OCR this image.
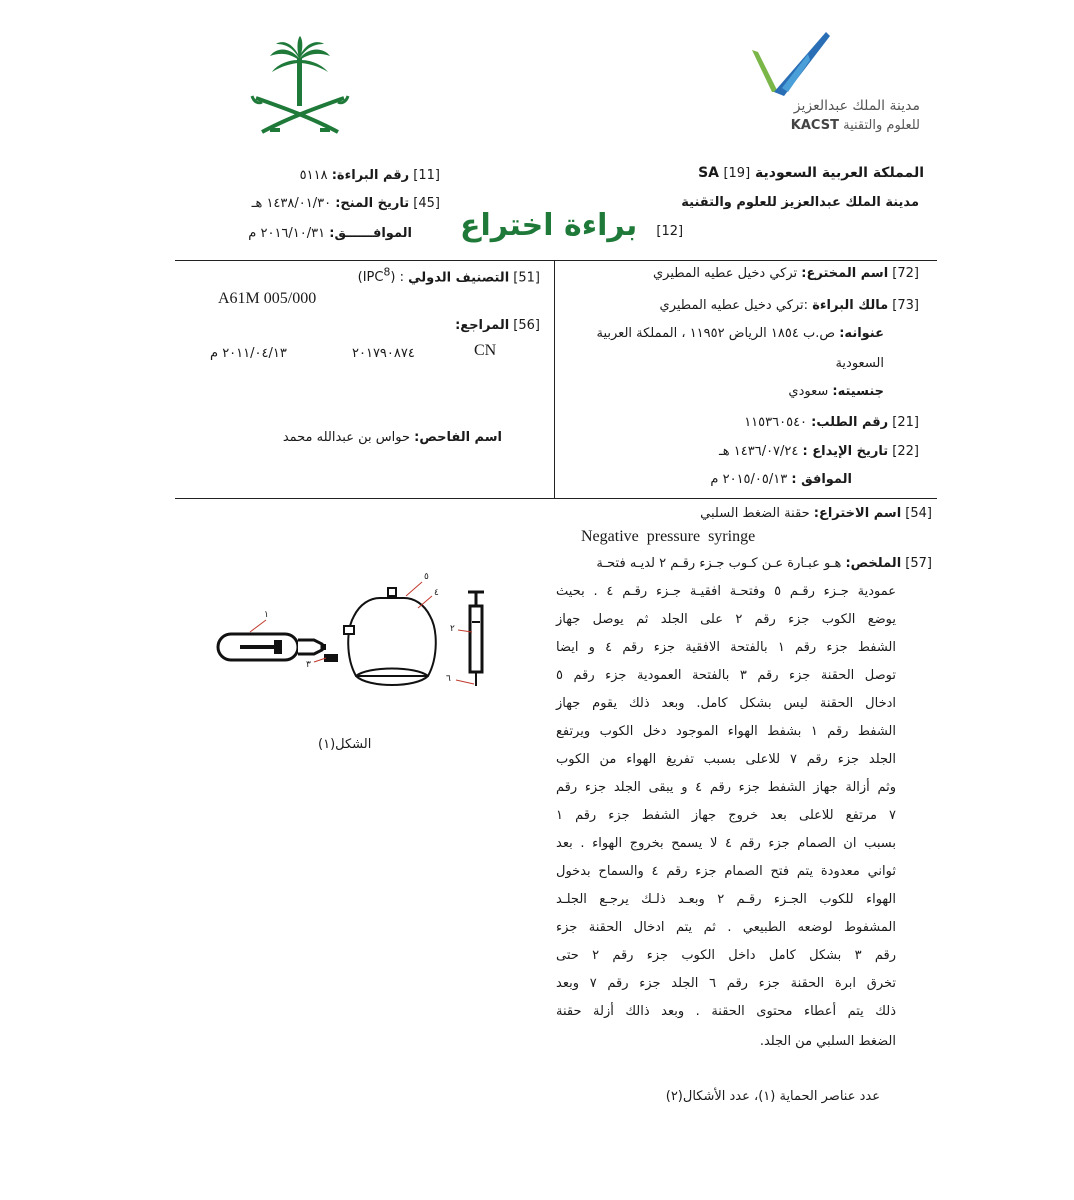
مدينة الملك عبدالعزيز
KACST للعلوم والتقنية
المملكة العربية السعودية SA [19]
مدينة الملك عبدالعزيز للعلوم والتقنية
[11] رقم البراءة: ٥١١٨
[45] تاريخ المنح: ١٤٣٨/٠١/٣٠ هـ
الموافــــــق: ٢٠١٦/١٠/٣١ م	[12] براءة اختراع
[72] اسم المخترع: تركي دخيل عطيه المطيري
[73] مالك البراءة :تركي دخيل عطيه المطيري
عنوانه: ص.ب ١٨٥٤ الرياض ١١٩٥٢ ، المملكة العربية
السعودية
جنسيته: سعودي
[21] رقم الطلب: ١١٥٣٦٠٥٤٠
[22] تاريخ الإيداع : ١٤٣٦/٠٧/٢٤ هـ
الموافق : ٢٠١٥/٠٥/١٣ م
[51] التصنيف الدولي (IPC$^8$) :
A61M 005/000
[56] المراجع:
CN
٢٠١٧٩٠٨٧٤
٢٠١١/٠٤/١٣ م
اسم الفاحص: حواس بن عبدالله محمد
[54] اسم الاختراع: حقنة الضغط السلبي
Negative  pressure  syringe
[57] الملخص: هـو عبـارة عـن كـوب جـزء رقـم ٢ لديـه فتحـة
عمودية جـزء رقـم ٥ وفتحـة افقيـة جـزء رقـم ٤ . بحيث
يوضع الكوب جزء رقم ٢ على الجلد ثم يوصل جهاز
الشفط جزء رقم ١ بالفتحة الافقية جزء رقم ٤ و ايضا
توصل الحقنة جزء رقم ٣ بالفتحة العمودية جزء رقم ٥
ادخال الحقنة ليس بشكل كامل. وبعد ذلك يقوم جهاز
الشفط رقم ١ بشفط الهواء الموجود دخل الكوب ويرتفع
الجلد جزء رقم ٧ للاعلى بسبب تفريغ الهواء من الكوب
وثم أزالة جهاز الشفط جزء رقم ٤ و يبقى الجلد جزء رقم
٧ مرتفع للاعلى بعد خروج جهاز الشفط جزء رقم ١
بسبب ان الصمام جزء رقم ٤ لا يسمح بخروج الهواء . بعد
ثواني معدودة يتم فتح الصمام جزء رقم ٤ والسماح بدخول
الهواء للكوب الجـزء رقـم ٢ وبعـد ذلـك يرجـع الجلـد
المشفوط لوضعه الطبيعي . ثم يتم ادخال الحقنة جزء
رقم ٣ بشكل كامل داخل الكوب جزء رقم ٢ حتى
تخرق ابرة الحقنة جزء رقم ٦ الجلد جزء رقم ٧ وبعد
ذلك يتم أعطاء محتوى الحقنة . وبعد ذالك أزلة حقنة
الضغط السلبي من الجلد.
١
٥
٤
٢
٦
٣
الشكل(١)
عدد عناصر الحماية (١)، عدد الأشكال(٢)
